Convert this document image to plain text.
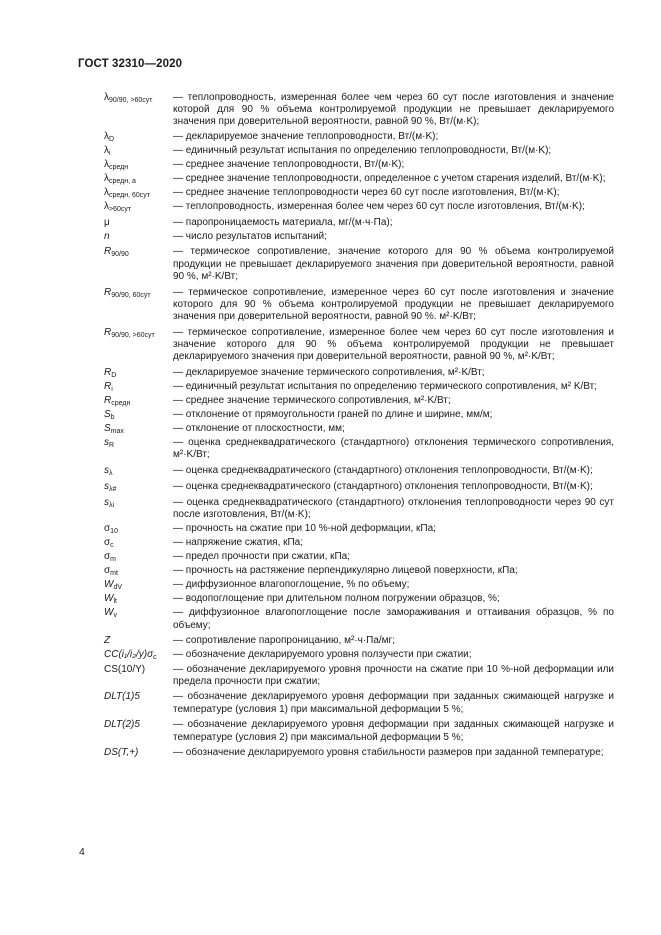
ГОСТ 32310—2020
$\lambda_{90/90, >60сут}$	— теплопроводность, измеренная более чем через 60 сут после изготовления и значение которой для 90 % объема контролируемой продукции не превышает декларируемого значения при доверительной вероятности, равной 90 %, Вт/(м·K);
$\lambda_D$	— декларируемое значение теплопроводности, Вт/(м·K);
$\lambda_i$	— единичный результат испытания по определению теплопроводности, Вт/(м·K);
$\lambda_{средн}$	— среднее значение теплопроводности, Вт/(м·K);
$\lambda_{средн, a}$	— среднее значение теплопроводности, определенное с учетом старения изделий, Вт/(м·K);
$\lambda_{средн, 60сут}$	— среднее значение теплопроводности через 60 сут после изготовления, Вт/(м·K);
$\lambda_{>60сут}$	— теплопроводность, измеренная более чем через 60 сут после изготовления, Вт/(м·K);
μ	— паропроницаемость материала, мг/(м·ч·Па);
n	— число результатов испытаний;
$R_{90/90}$	— термическое сопротивление, значение которого для 90 % объема контролируемой продукции не превышает декларируемого значения при доверительной вероятности, равной 90 %, м²·K/Вт;
$R_{90/90, 60сут}$	— термическое сопротивление, измеренное через 60 сут после изготовления и значение которого для 90 % объема контролируемой продукции не превышает декларируемого значения при доверительной вероятности, равной 90 %. м²·K/Вт;
$R_{90/90, >60сут}$	— термическое сопротивление, измеренное более чем через 60 сут после изготовления и значение которого для 90 % объема контролируемой продукции не превышает декларируемого значения при доверительной вероятности, равной 90 %, м²·K/Вт;
$R_D$	— декларируемое значение термического сопротивления, м²·K/Вт;
$R_i$	— единичный результат испытания по определению термического сопротивления, м² K/Вт;
$R_{средн}$	— среднее значение термического сопротивления, м²·K/Вт;
$S_b$	— отклонение от прямоугольности граней по длине и ширине, мм/м;
$S_{max}$	— отклонение от плоскостности, мм;
$s_R$	— оценка среднеквадратического (стандартного) отклонения термического сопротивления, м²·K/Вт;
$s_\lambda$	— оценка среднеквадратического (стандартного) отклонения теплопроводности, Вт/(м·K);
$s_{\lambda\#}$	— оценка среднеквадратического (стандартного) отклонения теплопроводности, Вт/(м·K);
$s_{\lambda i}$	— оценка среднеквадратического (стандартного) отклонения теплопроводности через 90 сут после изготовления, Вт/(м·K);
$\sigma_{10}$	— прочность на сжатие при 10 %-ной деформации, кПа;
$\sigma_c$	— напряжение сжатия, кПа;
$\sigma_m$	— предел прочности при сжатии, кПа;
$\sigma_{mt}$	— прочность на растяжение перпендикулярно лицевой поверхности, кПа;
$W_{dV}$	— диффузионное влагопоглощение, % по объему;
$W_{lt}$	— водопоглощение при длительном полном погружении образцов, %;
$W_v$	— диффузионное влагопоглощение после замораживания и оттаивания образцов, % по объему;
Z	— сопротивление паропроницанию, м²·ч·Па/мг;
$CC(i_1/i_2/y)\sigma_c$	— обозначение декларируемого уровня ползучести при сжатии;
CS(10/Y)	— обозначение декларируемого уровня прочности на сжатие при 10 %-ной деформации или предела прочности при сжатии;
DLT(1)5	— обозначение декларируемого уровня деформации при заданных сжимающей нагрузке и температуре (условия 1) при максимальной деформации 5 %;
DLT(2)5	— обозначение декларируемого уровня деформации при заданных сжимающей нагрузке и температуре (условия 2) при максимальной деформации 5 %;
DS(T,+)	— обозначение декларируемого уровня стабильности размеров при заданной температуре;
4
